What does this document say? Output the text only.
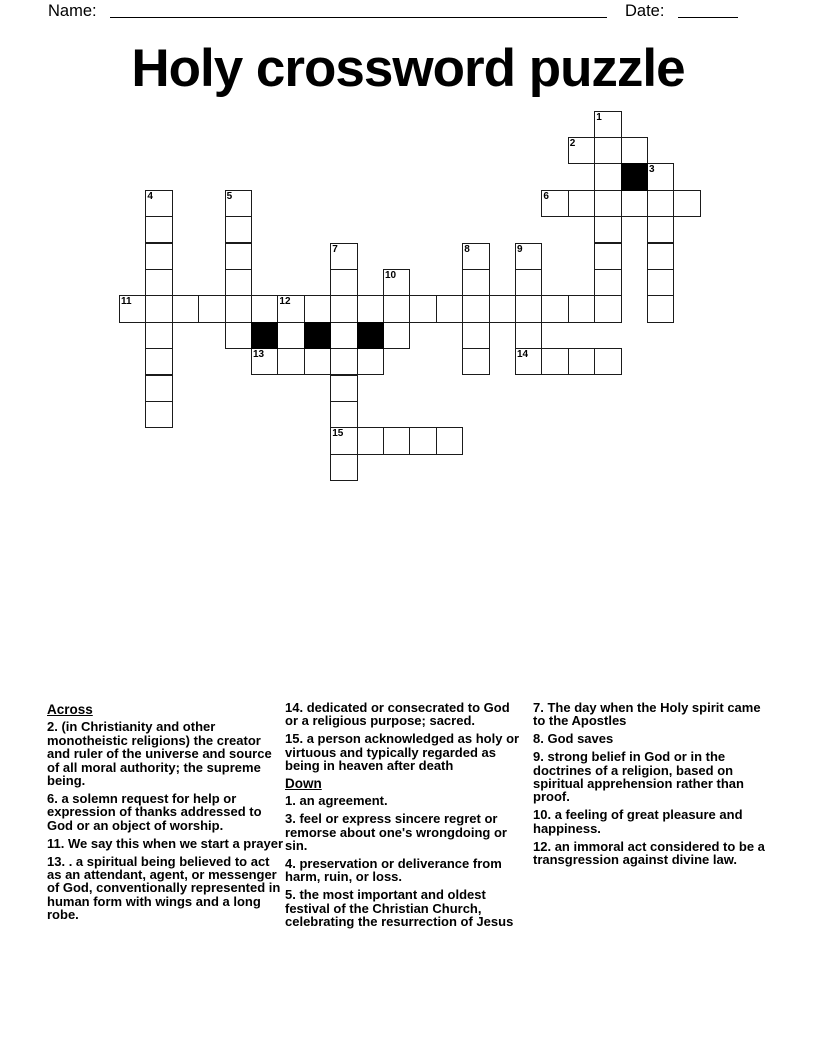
Name:	Date:
Holy crossword puzzle
1
2
3
4	5	6
7	8	9
10
11	12
13	14
15
Across
2. (in Christianity and other monotheistic religions) the creator and ruler of the universe and source of all moral authority; the supreme being.
6. a solemn request for help or expression of thanks addressed to God or an object of worship.
11. We say this when we start a prayer
13. . a spiritual being believed to act as an attendant, agent, or messenger of God, conventionally represented in human form with wings and a long robe.
14. dedicated or consecrated to God or a religious purpose; sacred.
15. a person acknowledged as holy or virtuous and typically regarded as being in heaven after death
Down
1. an agreement.
3. feel or express sincere regret or remorse about one's wrongdoing or sin.
4. preservation or deliverance from harm, ruin, or loss.
5. the most important and oldest festival of the Christian Church, celebrating the resurrection of Jesus
7. The day when the Holy spirit came to the Apostles
8. God saves
9. strong belief in God or in the doctrines of a religion, based on spiritual apprehension rather than proof.
10. a feeling of great pleasure and happiness.
12. an immoral act considered to be a transgression against divine law.
